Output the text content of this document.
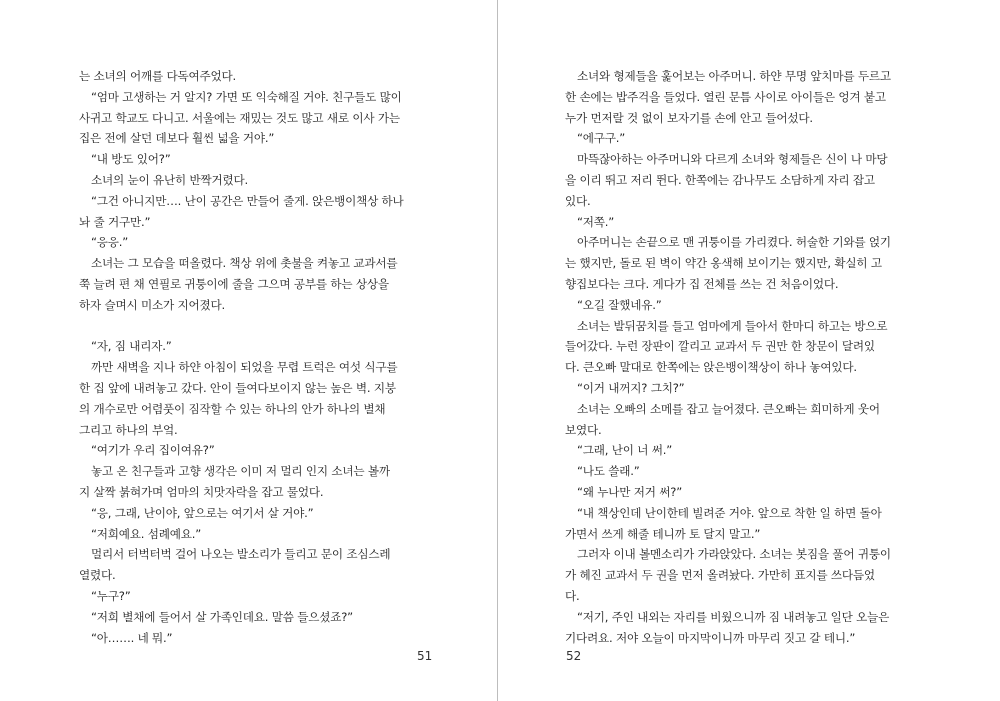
는 소녀의 어깨를 다독여주었다.
“엄마 고생하는 거 알지? 가면 또 익숙해질 거야. 친구들도 많이
사귀고 학교도 다니고. 서울에는 재밌는 것도 많고 새로 이사 가는
집은 전에 살던 데보다 훨씬 넓을 거야.”
“내 방도 있어?”
소녀의 눈이 유난히 반짝거렸다.
“그건 아니지만…. 난이 공간은 만들어 줄게. 앉은뱅이책상 하나
놔 줄 거구만.”
“응응.”
소녀는 그 모습을 떠올렸다. 책상 위에 촛불을 켜놓고 교과서를
쭉 늘려 편 채 연필로 귀퉁이에 줄을 그으며 공부를 하는 상상을
하자 슬며시 미소가 지어졌다.
“자, 짐 내리자.”
까만 새벽을 지나 하얀 아침이 되었을 무렵 트럭은 여섯 식구를
한 집 앞에 내려놓고 갔다. 안이 들여다보이지 않는 높은 벽. 지붕
의 개수로만 어렴풋이 짐작할 수 있는 하나의 안가 하나의 별채
그리고 하나의 부엌.
“여기가 우리 집이여유?”
놓고 온 친구들과 고향 생각은 이미 저 멀리 인지 소녀는 볼까
지 살짝 붉혀가며 엄마의 치맛자락을 잡고 물었다.
“응, 그래, 난이야, 앞으로는 여기서 살 거야.”
“저희예요. 섬례예요.”
멀리서 터벅터벅 걸어 나오는 발소리가 들리고 문이 조심스레
열렸다.
“누구?”
“저희 별채에 들어서 살 가족인데요. 말씀 들으셨죠?”
“아……. 네 뭐.”
소녀와 형제들을 훑어보는 아주머니. 하얀 무명 앞치마를 두르고
한 손에는 밥주걱을 들었다. 열린 문틈 사이로 아이들은 엉겨 붙고
누가 먼저랄 것 없이 보자기를 손에 안고 들어섰다.
“에구구.”
마뜩잖아하는 아주머니와 다르게 소녀와 형제들은 신이 나 마당
을 이리 뛰고 저리 뛴다. 한쪽에는 감나무도 소담하게 자리 잡고
있다.
“저쪽.”
아주머니는 손끝으로 맨 귀퉁이를 가리켰다. 허술한 기와를 얹기
는 했지만, 돌로 된 벽이 약간 옹색해 보이기는 했지만, 확실히 고
향집보다는 크다. 게다가 집 전체를 쓰는 건 처음이었다.
“오길 잘했네유.”
소녀는 발뒤꿈치를 들고 엄마에게 들아서 한마디 하고는 방으로
들어갔다. 누런 장판이 깔리고 교과서 두 권만 한 창문이 달려있
다. 큰오빠 말대로 한쪽에는 앉은뱅이책상이 하나 놓여있다.
“이거 내꺼지? 그치?”
소녀는 오빠의 소메를 잡고 늘어졌다. 큰오빠는 희미하게 웃어
보였다.
“그래, 난이 너 써.”
“나도 쓸래.”
“왜 누나만 저거 써?”
“내 책상인데 난이한테 빌려준 거야. 앞으로 착한 일 하면 돌아
가면서 쓰게 해줄 테니까 토 달지 말고.”
그러자 이내 볼멘소리가 가라앉았다. 소녀는 봇짐을 풀어 귀퉁이
가 헤진 교과서 두 권을 먼저 올려놨다. 가만히 표지를 쓰다듬었
다.
“저기, 주인 내외는 자리를 비웠으니까 짐 내려놓고 일단 오늘은
기다려요. 저야 오늘이 마지막이니까 마무리 짓고 갈 테니.”
51	52
